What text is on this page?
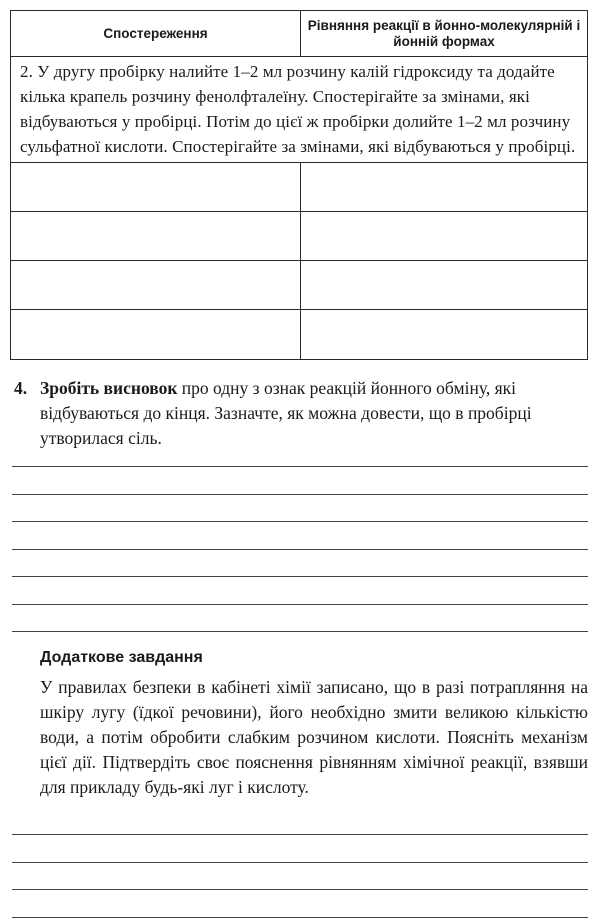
Спостереження
Рівняння реакції в йонно-молекулярній і йонній формах
2. У другу пробірку налийте 1–2 мл розчину калій гідроксиду та додайте кілька крапель розчину фенолфталеїну. Спостерігайте за змінами, які відбуваються у пробірці. Потім до цієї ж пробірки долийте 1–2 мл розчину сульфатної кислоти. Спостерігайте за змінами, які відбуваються у пробірці.
4. Зробіть висновок про одну з ознак реакцій йонного обміну, які відбуваються до кінця. Зазначте, як можна довести, що в пробірці утворилася сіль.
Додаткове завдання
У правилах безпеки в кабінеті хімії записано, що в разі потрапляння на шкіру лугу (їдкої речовини), його необхідно змити великою кількістю води, а потім обробити слабким розчином кислоти. Поясніть механізм цієї дії. Підтвердіть своє пояснення рівнянням хімічної реакції, взявши для прикладу будь-які луг і кислоту.
